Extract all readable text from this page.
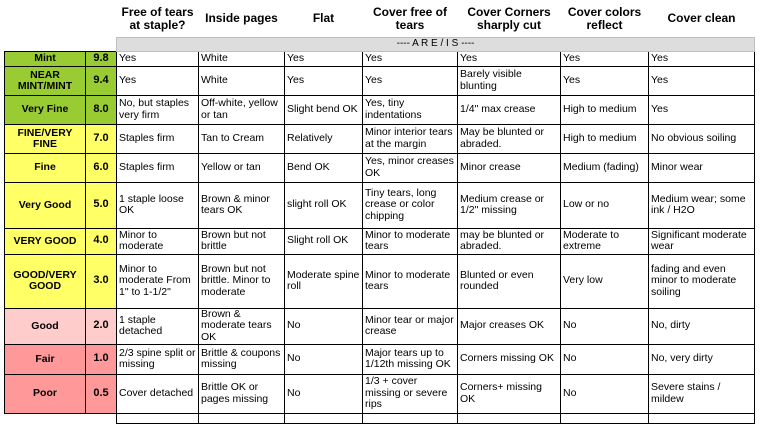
		Free of tears at staple?	Inside pages	Flat	Cover free of tears	Cover Corners sharply cut	Cover colors reflect	Cover clean
		---- A R E / I S ----						
Mint	9.8	Yes	White	Yes	Yes	Yes	Yes	Yes
NEAR MINT/MINT	9.4	Yes	White	Yes	Yes	Barely visible blunting	Yes	Yes
Very Fine	8.0	No, but staples very firm	Off-white, yellow or tan	Slight bend OK	Yes, tiny indentations	1/4" max crease	High to medium	Yes
FINE/VERY FINE	7.0	Staples firm	Tan to Cream	Relatively	Minor interior tears at the margin	May be blunted or abraded.	High to medium	No obvious soiling
Fine	6.0	Staples firm	Yellow or tan	Bend OK	Yes, minor creases OK	Minor crease	Medium (fading)	Minor wear
Very Good	5.0	1 staple loose OK	Brown & minor tears OK	slight roll OK	Tiny tears, long crease or color chipping	Medium crease or 1/2" missing	Low or no	Medium wear; some ink / H2O
VERY GOOD	4.0	Minor to moderate	Brown but not brittle	Slight roll OK	Minor to moderate tears	may be blunted or abraded.	Moderate to extreme	Significant moderate wear
GOOD/VERY GOOD	3.0	Minor to moderate From 1" to 1-1/2"	Brown but not brittle. Minor to moderate	Moderate spine roll	Minor to moderate tears	Blunted or even rounded	Very low	fading and even minor to moderate soiling
Good	2.0	1 staple detached	Brown & moderate tears OK	No	Minor tear or major crease	Major creases OK	No	No, dirty
Fair	1.0	2/3 spine split or missing	Brittle & coupons missing	No	Major tears up to 1/12th missing OK	Corners missing OK	No	No, very dirty
Poor	0.5	Cover detached	Brittle OK or pages missing	No	1/3 + cover missing or severe rips	Corners+ missing OK	No	Severe stains / mildew
